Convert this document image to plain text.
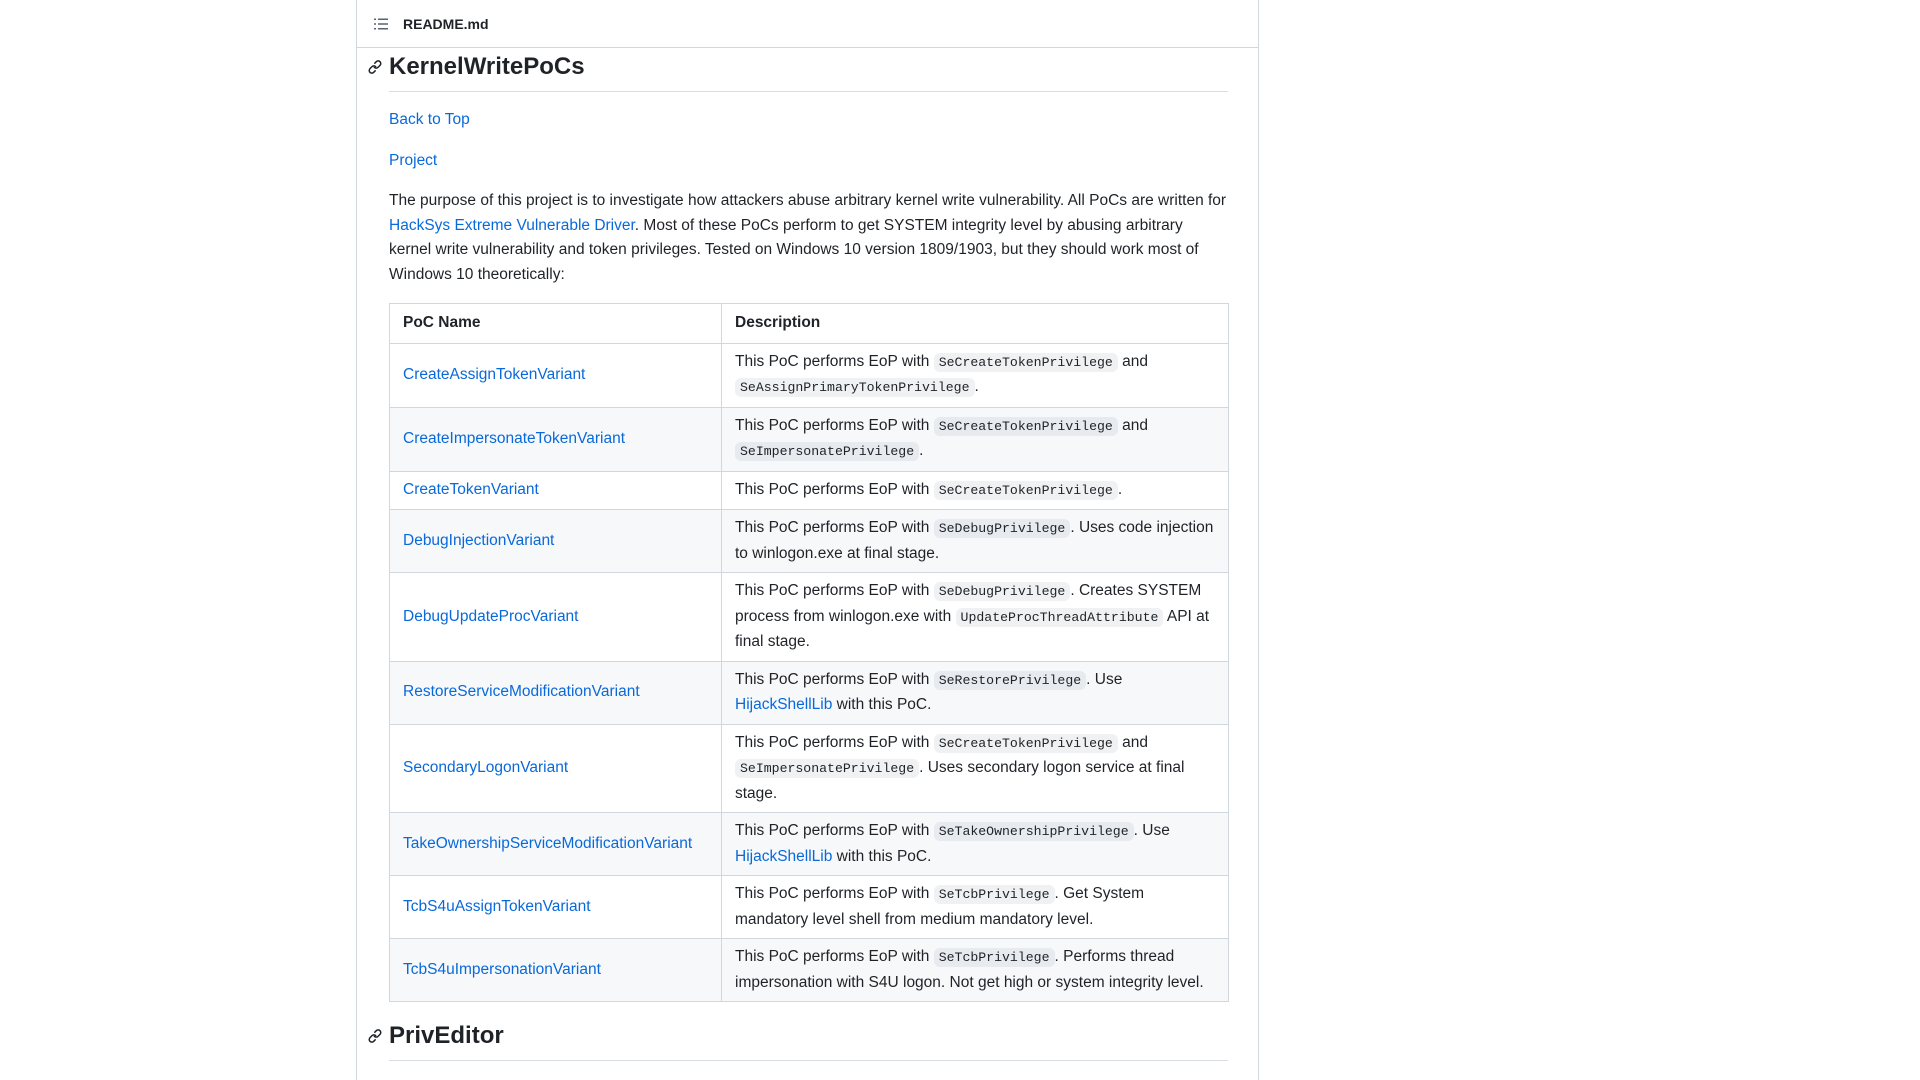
README.md
KernelWritePoCs

Back to Top

Project

The purpose of this project is to investigate how attackers abuse arbitrary kernel write vulnerability. All PoCs are written for HackSys Extreme Vulnerable Driver. Most of these PoCs perform to get SYSTEM integrity level by abusing arbitrary kernel write vulnerability and token privileges. Tested on Windows 10 version 1809/1903, but they should work most of Windows 10 theoretically:

PoC Name	Description
CreateAssignTokenVariant	This PoC performs EoP with SeCreateTokenPrivilege and SeAssignPrimaryTokenPrivilege .
CreateImpersonateTokenVariant	This PoC performs EoP with SeCreateTokenPrivilege and SeImpersonatePrivilege .
CreateTokenVariant	This PoC performs EoP with SeCreateTokenPrivilege .
DebugInjectionVariant	This PoC performs EoP with SeDebugPrivilege . Uses code injection to winlogon.exe at final stage.
DebugUpdateProcVariant	This PoC performs EoP with SeDebugPrivilege . Creates SYSTEM process from winlogon.exe with UpdateProcThreadAttribute API at final stage.
RestoreServiceModificationVariant	This PoC performs EoP with SeRestorePrivilege . Use HijackShellLib with this PoC.
SecondaryLogonVariant	This PoC performs EoP with SeCreateTokenPrivilege and SeImpersonatePrivilege . Uses secondary logon service at final stage.
TakeOwnershipServiceModificationVariant	This PoC performs EoP with SeTakeOwnershipPrivilege . Use HijackShellLib with this PoC.
TcbS4uAssignTokenVariant	This PoC performs EoP with SeTcbPrivilege . Get System mandatory level shell from medium mandatory level.
TcbS4uImpersonationVariant	This PoC performs EoP with SeTcbPrivilege . Performs thread impersonation with S4U logon. Not get high or system integrity level.
PrivEditor
